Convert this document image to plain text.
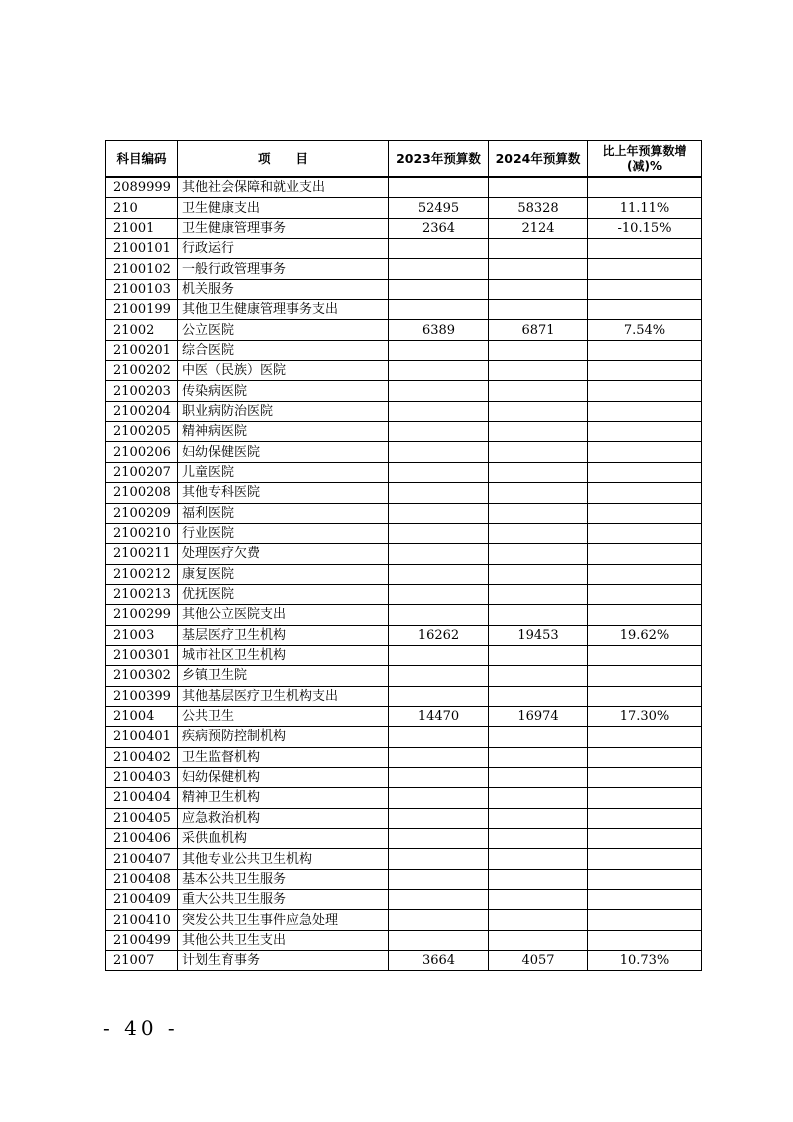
科目编码	项　　目	2023年预算数	2024年预算数	比上年预算数增(减)%
2089999	其他社会保障和就业支出			
210	卫生健康支出	52495	58328	11.11%
21001	卫生健康管理事务	2364	2124	-10.15%
2100101	行政运行			
2100102	一般行政管理事务			
2100103	机关服务			
2100199	其他卫生健康管理事务支出			
21002	公立医院	6389	6871	7.54%
2100201	综合医院			
2100202	中医（民族）医院			
2100203	传染病医院			
2100204	职业病防治医院			
2100205	精神病医院			
2100206	妇幼保健医院			
2100207	儿童医院			
2100208	其他专科医院			
2100209	福利医院			
2100210	行业医院			
2100211	处理医疗欠费			
2100212	康复医院			
2100213	优抚医院			
2100299	其他公立医院支出			
21003	基层医疗卫生机构	16262	19453	19.62%
2100301	城市社区卫生机构			
2100302	乡镇卫生院			
2100399	其他基层医疗卫生机构支出			
21004	公共卫生	14470	16974	17.30%
2100401	疾病预防控制机构			
2100402	卫生监督机构			
2100403	妇幼保健机构			
2100404	精神卫生机构			
2100405	应急救治机构			
2100406	采供血机构			
2100407	其他专业公共卫生机构			
2100408	基本公共卫生服务			
2100409	重大公共卫生服务			
2100410	突发公共卫生事件应急处理			
2100499	其他公共卫生支出			
21007	计划生育事务	3664	4057	10.73%
- 40 -
